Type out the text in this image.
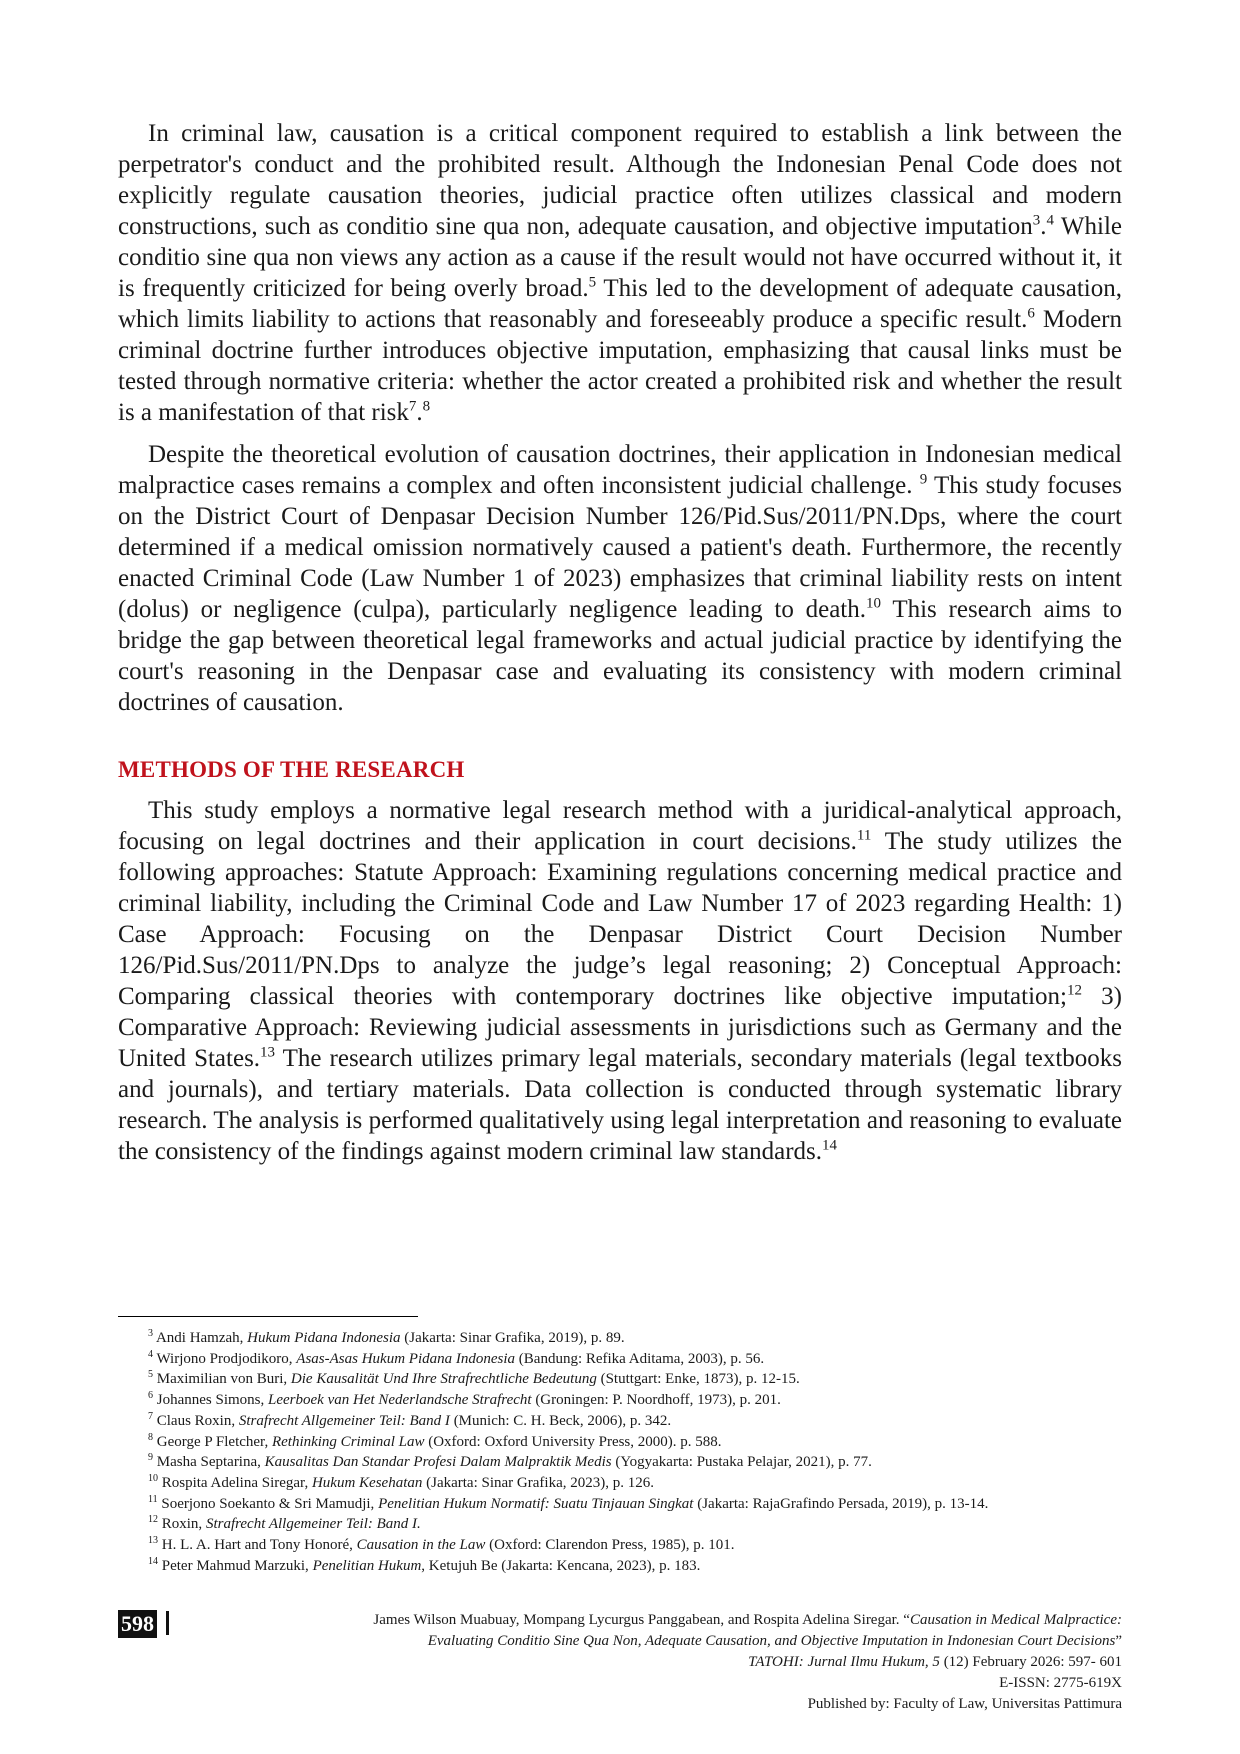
In criminal law, causation is a critical component required to establish a link between the perpetrator's conduct and the prohibited result. Although the Indonesian Penal Code does not explicitly regulate causation theories, judicial practice often utilizes classical and modern constructions, such as conditio sine qua non, adequate causation, and objective imputation$^3$.$^4$ While conditio sine qua non views any action as a cause if the result would not have occurred without it, it is frequently criticized for being overly broad.$^5$ This led to the development of adequate causation, which limits liability to actions that reasonably and foreseeably produce a specific result.$^6$ Modern criminal doctrine further introduces objective imputation, emphasizing that causal links must be tested through normative criteria: whether the actor created a prohibited risk and whether the result is a manifestation of that risk$^7$.$^8$

Despite the theoretical evolution of causation doctrines, their application in Indonesian medical malpractice cases remains a complex and often inconsistent judicial challenge. $^9$ This study focuses on the District Court of Denpasar Decision Number 126/Pid.Sus/2011/PN.Dps, where the court determined if a medical omission normatively caused a patient's death. Furthermore, the recently enacted Criminal Code (Law Number 1 of 2023) emphasizes that criminal liability rests on intent (dolus) or negligence (culpa), particularly negligence leading to death.$^{10}$ This research aims to bridge the gap between theoretical legal frameworks and actual judicial practice by identifying the court's reasoning in the Denpasar case and evaluating its consistency with modern criminal doctrines of causation.

METHODS OF THE RESEARCH

This study employs a normative legal research method with a juridical-analytical approach, focusing on legal doctrines and their application in court decisions.$^{11}$ The study utilizes the following approaches: Statute Approach: Examining regulations concerning medical practice and criminal liability, including the Criminal Code and Law Number 17 of 2023 regarding Health: 1) Case Approach: Focusing on the Denpasar District Court Decision Number 126/Pid.Sus/2011/PN.Dps to analyze the judge’s legal reasoning; 2) Conceptual Approach: Comparing classical theories with contemporary doctrines like objective imputation;$^{12}$ 3) Comparative Approach: Reviewing judicial assessments in jurisdictions such as Germany and the United States.$^{13}$ The research utilizes primary legal materials, secondary materials (legal textbooks and journals), and tertiary materials. Data collection is conducted through systematic library research. The analysis is performed qualitatively using legal interpretation and reasoning to evaluate the consistency of the findings against modern criminal law standards.$^{14}$

$^3$ Andi Hamzah, Hukum Pidana Indonesia (Jakarta: Sinar Grafika, 2019), p. 89.
$^4$ Wirjono Prodjodikoro, Asas-Asas Hukum Pidana Indonesia (Bandung: Refika Aditama, 2003), p. 56.
$^5$ Maximilian von Buri, Die Kausalität Und Ihre Strafrechtliche Bedeutung (Stuttgart: Enke, 1873), p. 12-15.
$^6$ Johannes Simons, Leerboek van Het Nederlandsche Strafrecht (Groningen: P. Noordhoff, 1973), p. 201.
$^7$ Claus Roxin, Strafrecht Allgemeiner Teil: Band I (Munich: C. H. Beck, 2006), p. 342.
$^8$ George P Fletcher, Rethinking Criminal Law (Oxford: Oxford University Press, 2000). p. 588.
$^9$ Masha Septarina, Kausalitas Dan Standar Profesi Dalam Malpraktik Medis (Yogyakarta: Pustaka Pelajar, 2021), p. 77.
$^{10}$ Rospita Adelina Siregar, Hukum Kesehatan (Jakarta: Sinar Grafika, 2023), p. 126.
$^{11}$ Soerjono Soekanto & Sri Mamudji, Penelitian Hukum Normatif: Suatu Tinjauan Singkat (Jakarta: RajaGrafindo Persada, 2019), p. 13-14.
$^{12}$ Roxin, Strafrecht Allgemeiner Teil: Band I.
$^{13}$ H. L. A. Hart and Tony Honoré, Causation in the Law (Oxford: Clarendon Press, 1985), p. 101.
$^{14}$ Peter Mahmud Marzuki, Penelitian Hukum, Ketujuh Be (Jakarta: Kencana, 2023), p. 183.
598	James Wilson Muabuay, Mompang Lycurgus Panggabean, and Rospita Adelina Siregar. “Causation in Medical Malpractice:
Evaluating Conditio Sine Qua Non, Adequate Causation, and Objective Imputation in Indonesian Court Decisions”
TATOHI: Jurnal Ilmu Hukum, 5 (12) February 2026: 597- 601
E-ISSN: 2775-619X
Published by: Faculty of Law, Universitas Pattimura
